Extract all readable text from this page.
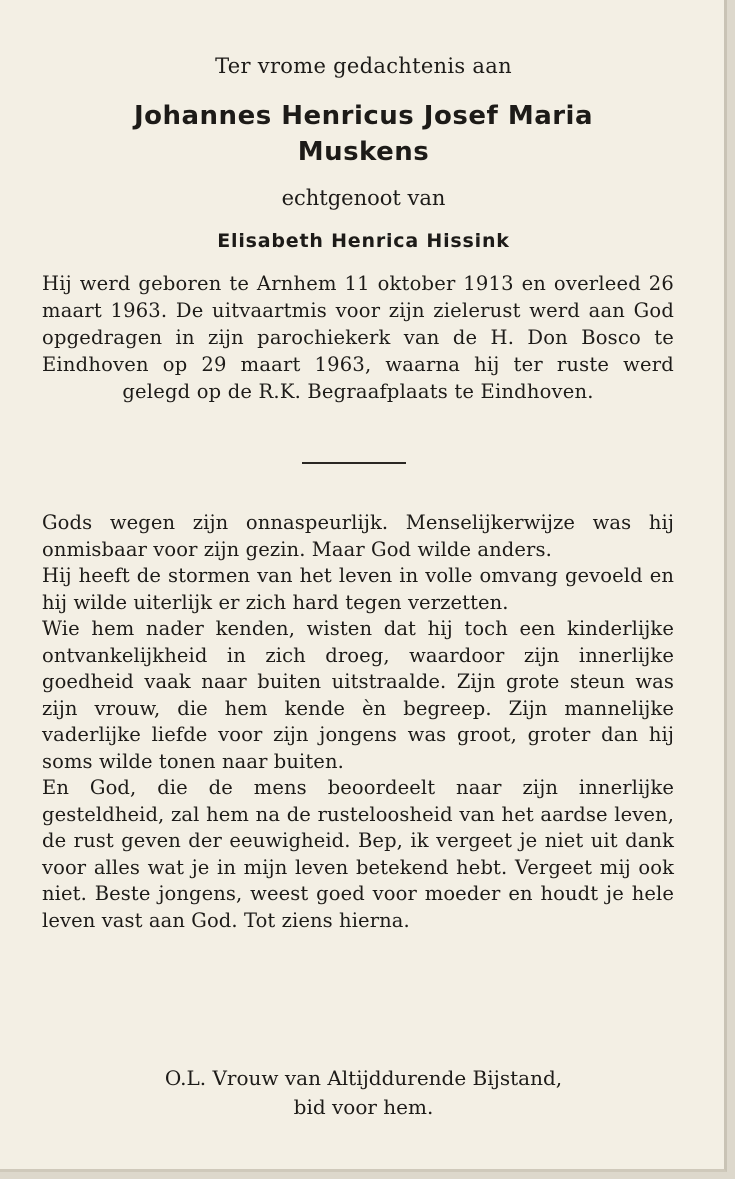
Ter vrome gedachtenis aan
Johannes Henricus Josef Maria
Muskens
echtgenoot van
Elisabeth Henrica Hissink
Hij werd geboren te Arnhem 11 oktober 1913 en overleed 26 maart 1963. De uitvaartmis voor zijn zielerust werd aan God opgedragen in zijn parochiekerk van de H. Don Bosco te Eindhoven op 29 maart 1963, waarna hij ter ruste werd gelegd op de R.K. Begraafplaats te Eindhoven.

Gods wegen zijn onnaspeurlijk. Menselijkerwijze was hij onmisbaar voor zijn gezin. Maar God wilde anders.

Hij heeft de stormen van het leven in volle omvang gevoeld en hij wilde uiterlijk er zich hard tegen verzetten.

Wie hem nader kenden, wisten dat hij toch een kinderlijke ontvankelijkheid in zich droeg, waardoor zijn innerlijke goedheid vaak naar buiten uitstraalde. Zijn grote steun was zijn vrouw, die hem kende èn begreep. Zijn mannelijke vaderlijke liefde voor zijn jongens was groot, groter dan hij soms wilde tonen naar buiten.

En God, die de mens beoordeelt naar zijn innerlijke gesteldheid, zal hem na de rusteloosheid van het aardse leven, de rust geven der eeuwigheid. Bep, ik vergeet je niet uit dank voor alles wat je in mijn leven betekend hebt. Vergeet mij ook niet. Beste jongens, weest goed voor moeder en houdt je hele leven vast aan God. Tot ziens hierna.

O.L. Vrouw van Altijddurende Bijstand,
bid voor hem.
